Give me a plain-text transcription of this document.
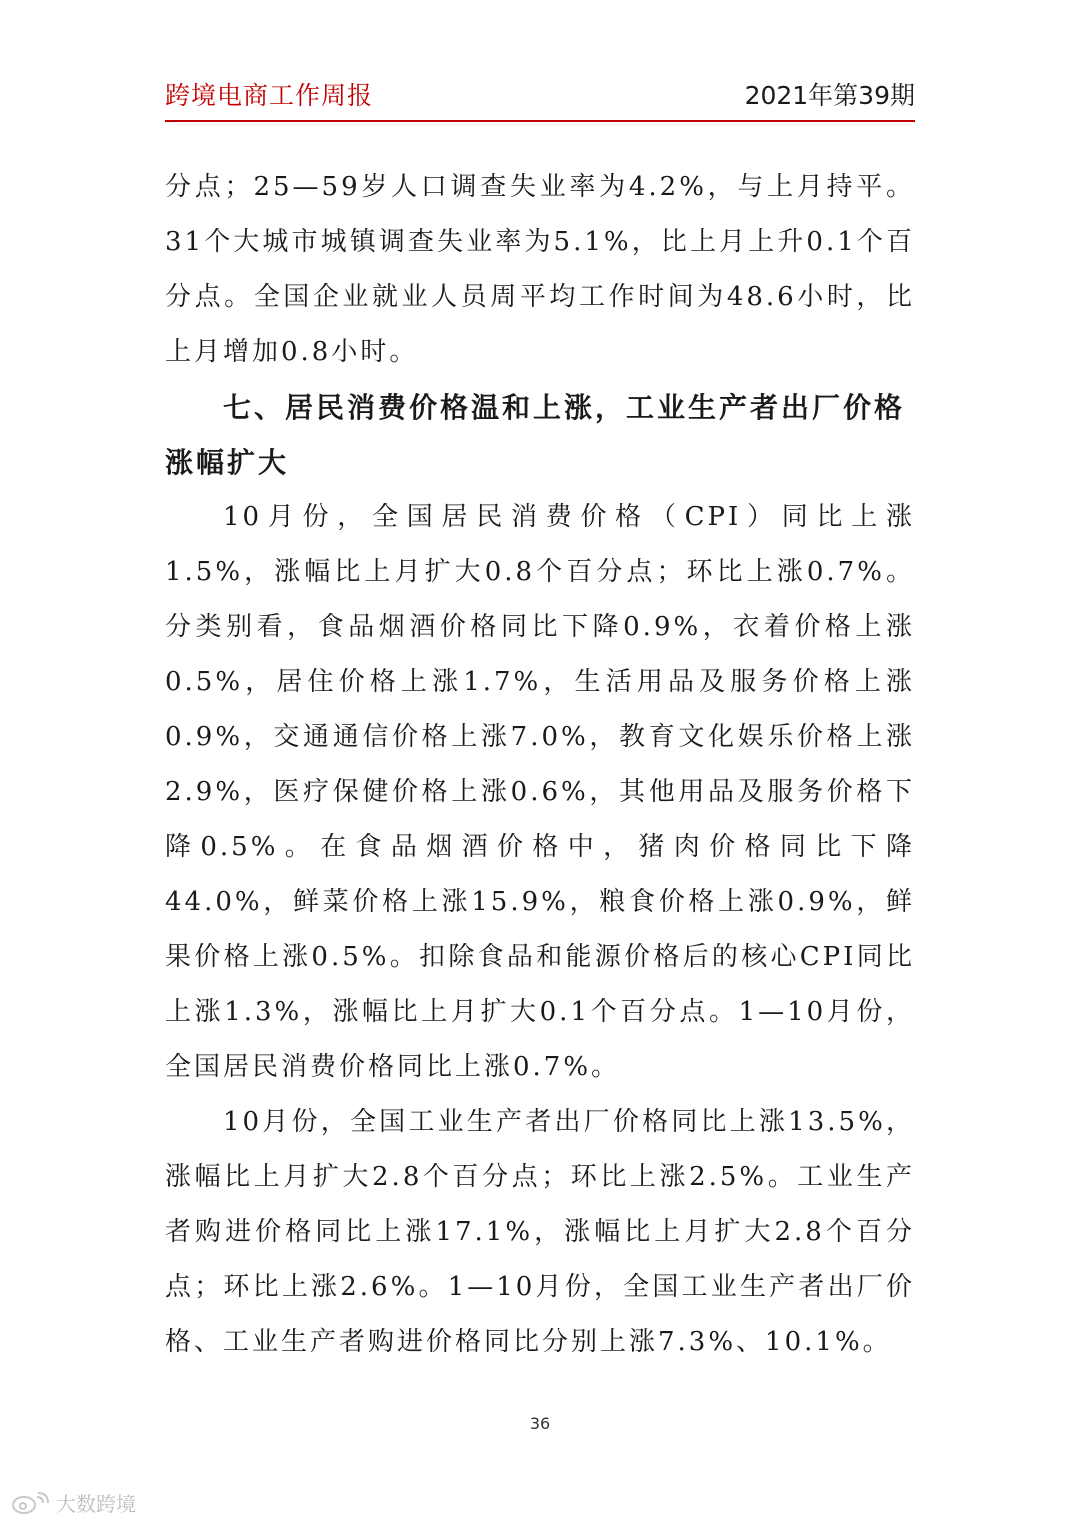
跨境电商工作周报	2021年第39期

分点；25—59岁人口调查失业率为4.2%，与上月持平。31个大城市城镇调查失业率为5.1%，比上月上升0.1个百分点。全国企业就业人员周平均工作时间为48.6小时，比上月增加0.8小时。

七、居民消费价格温和上涨，工业生产者出厂价格涨幅扩大

10月份，全国居民消费价格（CPI）同比上涨1.5%，涨幅比上月扩大0.8个百分点；环比上涨0.7%。分类别看，食品烟酒价格同比下降0.9%，衣着价格上涨0.5%，居住价格上涨1.7%，生活用品及服务价格上涨0.9%，交通通信价格上涨7.0%，教育文化娱乐价格上涨2.9%，医疗保健价格上涨0.6%，其他用品及服务价格下降0.5%。在食品烟酒价格中，猪肉价格同比下降44.0%，鲜菜价格上涨15.9%，粮食价格上涨0.9%，鲜果价格上涨0.5%。扣除食品和能源价格后的核心CPI同比上涨1.3%，涨幅比上月扩大0.1个百分点。1—10月份，全国居民消费价格同比上涨0.7%。

10月份，全国工业生产者出厂价格同比上涨13.5%，涨幅比上月扩大2.8个百分点；环比上涨2.5%。工业生产者购进价格同比上涨17.1%，涨幅比上月扩大2.8个百分点；环比上涨2.6%。1—10月份，全国工业生产者出厂价格、工业生产者购进价格同比分别上涨7.3%、10.1%。

36
大数跨境
